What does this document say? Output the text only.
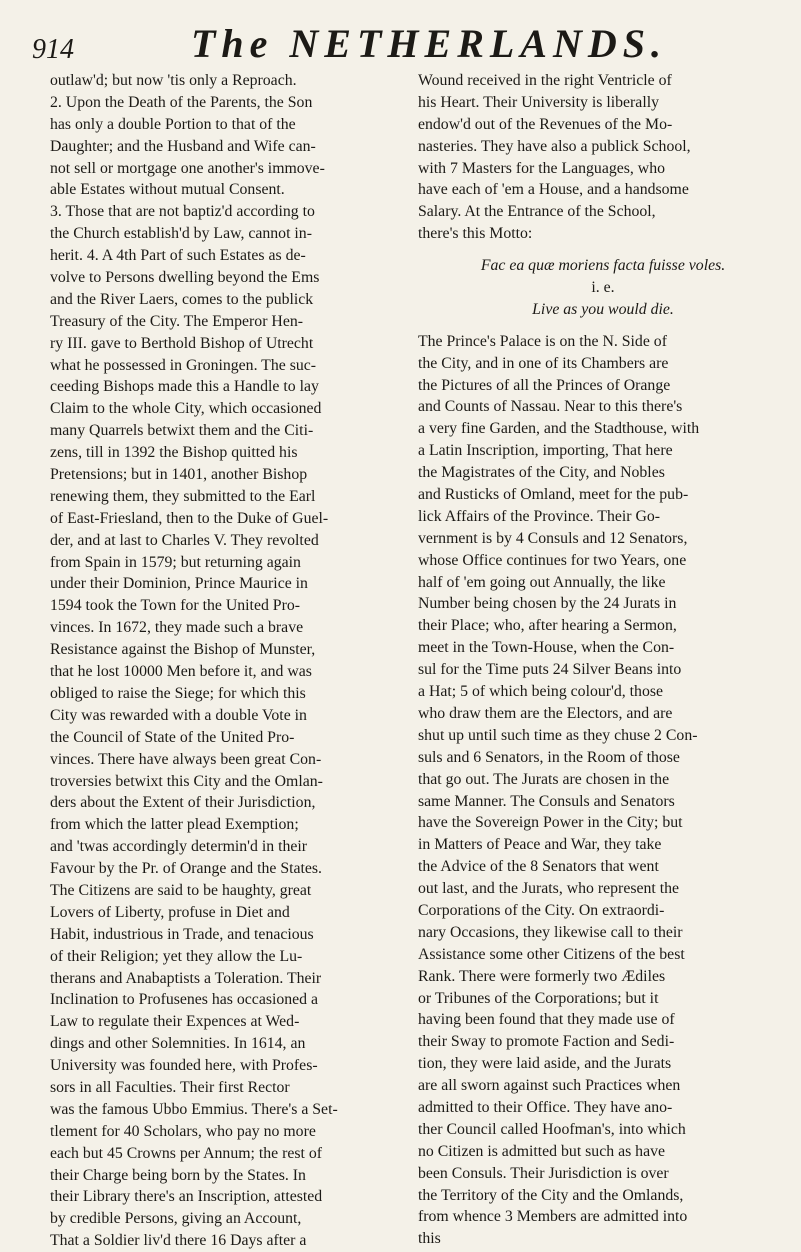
914	The NETHERLANDS.
outlaw'd; but now 'tis only a Reproach.
2. Upon the Death of the Parents, the Son
has only a double Portion to that of the
Daughter; and the Husband and Wife can-
not sell or mortgage one another's immove-
able Estates without mutual Consent.
3. Those that are not baptiz'd according to
the Church establish'd by Law, cannot in-
herit. 4. A 4th Part of such Estates as de-
volve to Persons dwelling beyond the Ems
and the River Laers, comes to the publick
Treasury of the City. The Emperor Hen-
ry III. gave to Berthold Bishop of Utrecht
what he possessed in Groningen. The suc-
ceeding Bishops made this a Handle to lay
Claim to the whole City, which occasioned
many Quarrels betwixt them and the Citi-
zens, till in 1392 the Bishop quitted his
Pretensions; but in 1401, another Bishop
renewing them, they submitted to the Earl
of East-Friesland, then to the Duke of Guel-
der, and at last to Charles V. They revolted
from Spain in 1579; but returning again
under their Dominion, Prince Maurice in
1594 took the Town for the United Pro-
vinces. In 1672, they made such a brave
Resistance against the Bishop of Munster,
that he lost 10000 Men before it, and was
obliged to raise the Siege; for which this
City was rewarded with a double Vote in
the Council of State of the United Pro-
vinces. There have always been great Con-
troversies betwixt this City and the Omlan-
ders about the Extent of their Jurisdiction,
from which the latter plead Exemption;
and 'twas accordingly determin'd in their
Favour by the Pr. of Orange and the States.
The Citizens are said to be haughty, great
Lovers of Liberty, profuse in Diet and
Habit, industrious in Trade, and tenacious
of their Religion; yet they allow the Lu-
therans and Anabaptists a Toleration. Their
Inclination to Profusenes has occasioned a
Law to regulate their Expences at Wed-
dings and other Solemnities. In 1614, an
University was founded here, with Profes-
sors in all Faculties. Their first Rector
was the famous Ubbo Emmius. There's a Set-
tlement for 40 Scholars, who pay no more
each but 45 Crowns per Annum; the rest of
their Charge being born by the States. In
their Library there's an Inscription, attested
by credible Persons, giving an Account,
That a Soldier liv'd there 16 Days after a
Wound received in the right Ventricle of
his Heart. Their University is liberally
endow'd out of the Revenues of the Mo-
nasteries. They have also a publick School,
with 7 Masters for the Languages, who
have each of 'em a House, and a handsome
Salary. At the Entrance of the School,
there's this Motto:
Fac ea quæ moriens facta fuisse voles.
i. e.
Live as you would die.
The Prince's Palace is on the N. Side of
the City, and in one of its Chambers are
the Pictures of all the Princes of Orange
and Counts of Nassau. Near to this there's
a very fine Garden, and the Stadthouse, with
a Latin Inscription, importing, That here
the Magistrates of the City, and Nobles
and Rusticks of Omland, meet for the pub-
lick Affairs of the Province. Their Go-
vernment is by 4 Consuls and 12 Senators,
whose Office continues for two Years, one
half of 'em going out Annually, the like
Number being chosen by the 24 Jurats in
their Place; who, after hearing a Sermon,
meet in the Town-House, when the Con-
sul for the Time puts 24 Silver Beans into
a Hat; 5 of which being colour'd, those
who draw them are the Electors, and are
shut up until such time as they chuse 2 Con-
suls and 6 Senators, in the Room of those
that go out. The Jurats are chosen in the
same Manner. The Consuls and Senators
have the Sovereign Power in the City; but
in Matters of Peace and War, they take
the Advice of the 8 Senators that went
out last, and the Jurats, who represent the
Corporations of the City. On extraordi-
nary Occasions, they likewise call to their
Assistance some other Citizens of the best
Rank. There were formerly two Ædiles
or Tribunes of the Corporations; but it
having been found that they made use of
their Sway to promote Faction and Sedi-
tion, they were laid aside, and the Jurats
are all sworn against such Practices when
admitted to their Office. They have ano-
ther Council called Hoofman's, into which
no Citizen is admitted but such as have
been Consuls. Their Jurisdiction is over
the Territory of the City and the Omlands,
from whence 3 Members are admitted into
this
